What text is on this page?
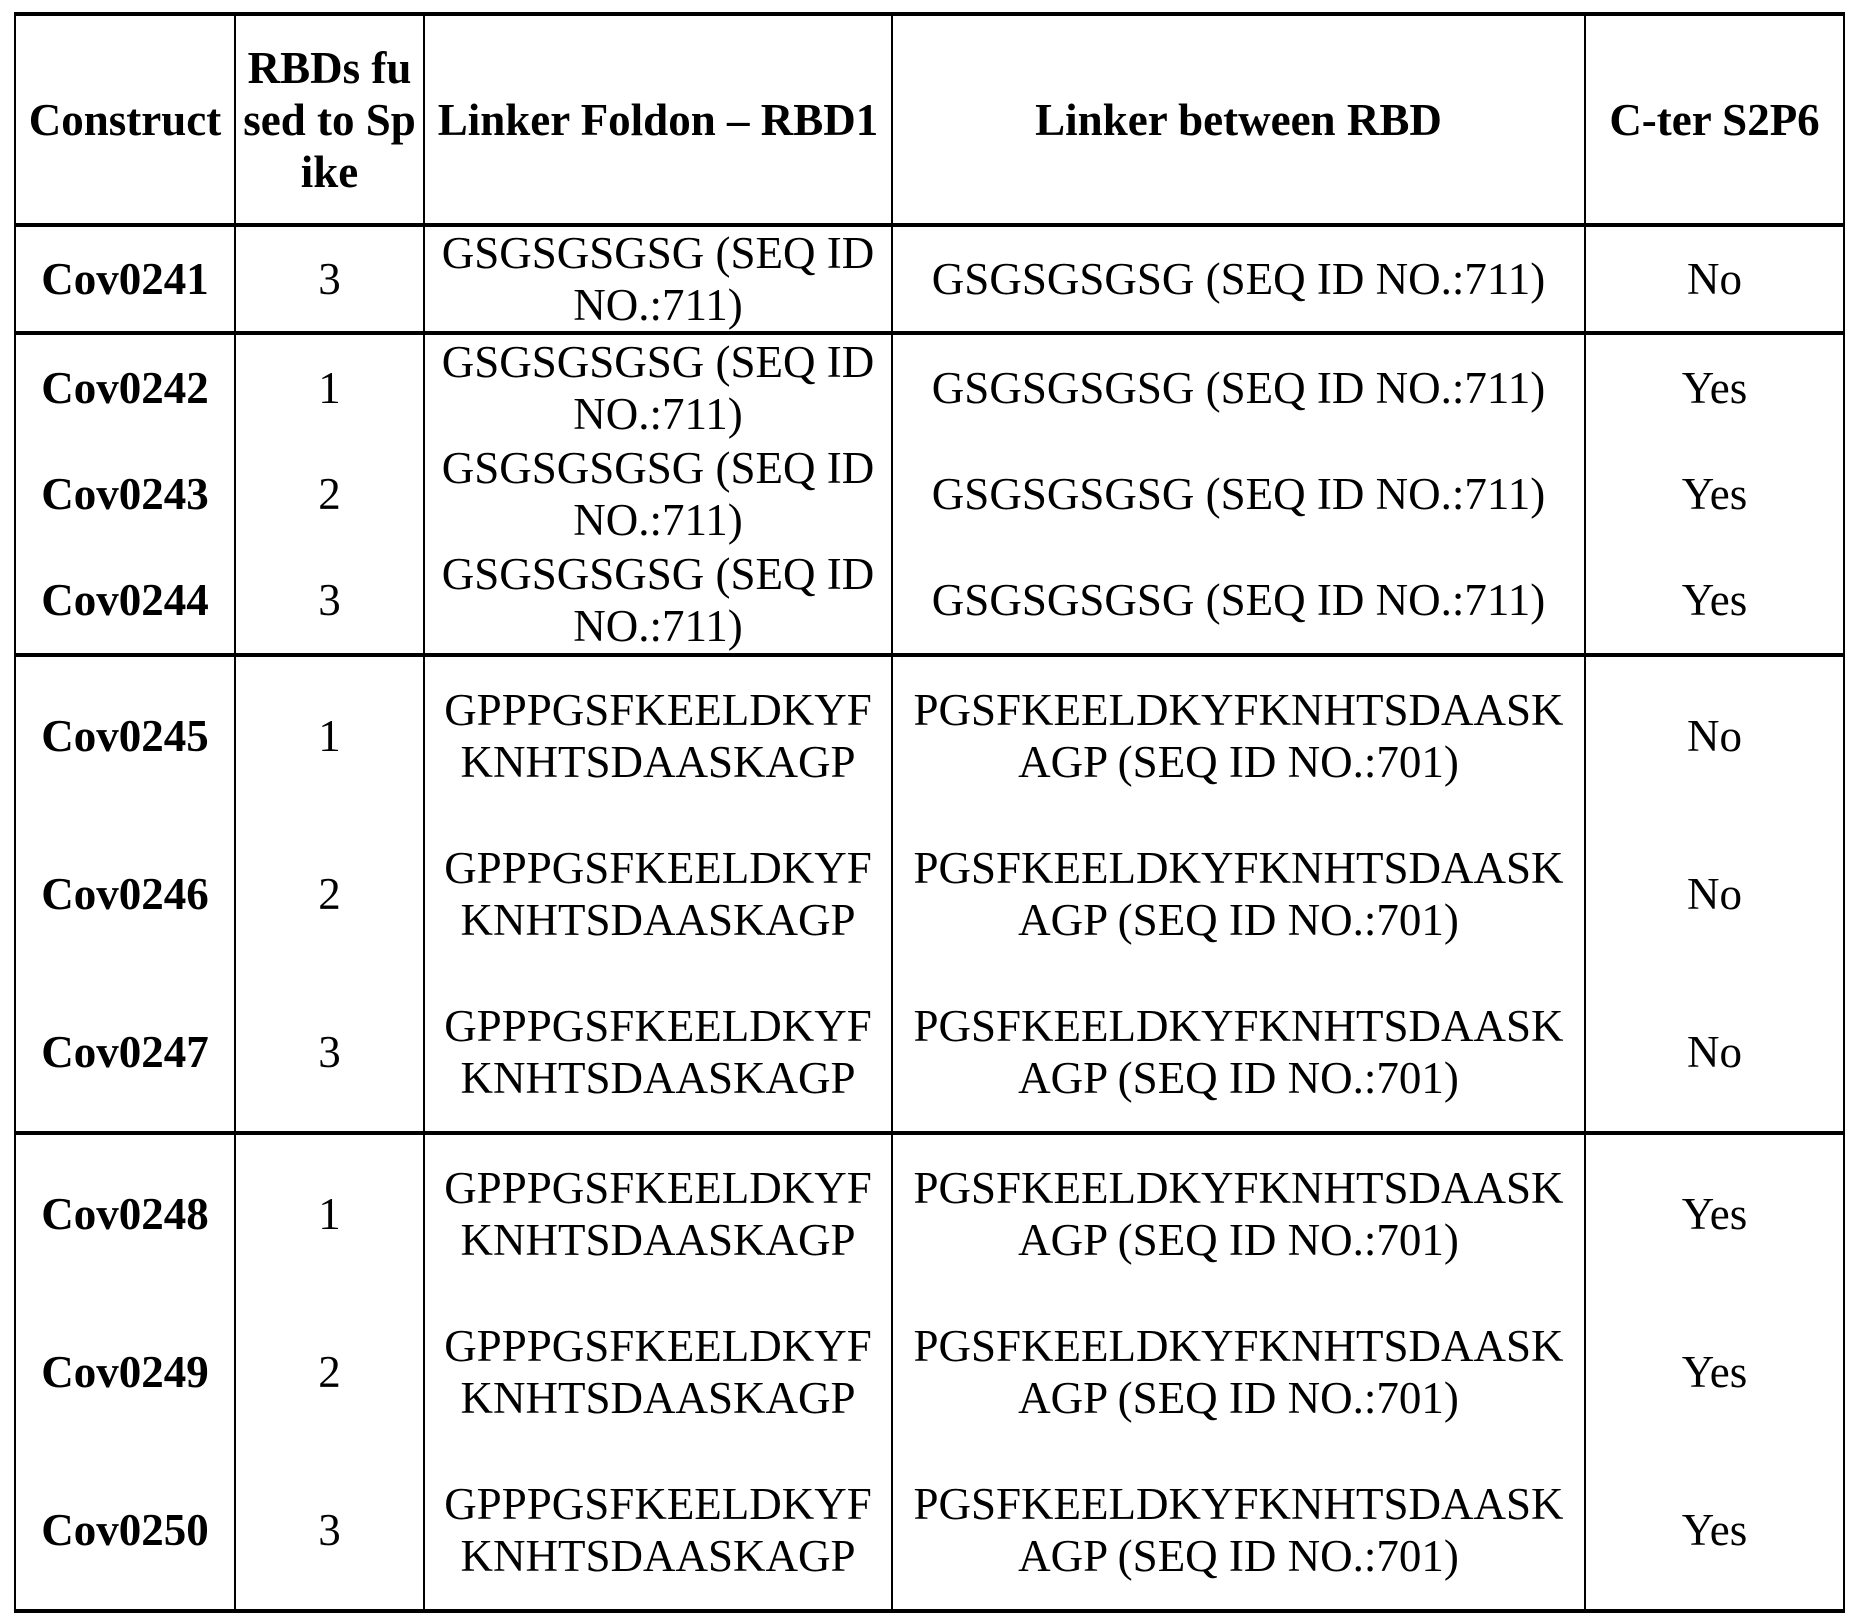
Construct	RBDs fused to Spike	Linker Foldon – RBD1	Linker between RBD	C-ter S2P6
Cov0241	3	GSGSGSGSG (SEQ ID NO.:711)	GSGSGSGSG (SEQ ID NO.:711)	No
Cov0242	1	GSGSGSGSG (SEQ ID NO.:711)	GSGSGSGSG (SEQ ID NO.:711)	Yes
Cov0243	2	GSGSGSGSG (SEQ ID NO.:711)	GSGSGSGSG (SEQ ID NO.:711)	Yes
Cov0244	3	GSGSGSGSG (SEQ ID NO.:711)	GSGSGSGSG (SEQ ID NO.:711)	Yes
Cov0245	1	GPPPGSFKEELDKYFKNHTSDAASKAGP	PGSFKEELDKYFKNHTSDAASKAGP (SEQ ID NO.:701)	No
Cov0246	2	GPPPGSFKEELDKYFKNHTSDAASKAGP	PGSFKEELDKYFKNHTSDAASKAGP (SEQ ID NO.:701)	No
Cov0247	3	GPPPGSFKEELDKYFKNHTSDAASKAGP	PGSFKEELDKYFKNHTSDAASKAGP (SEQ ID NO.:701)	No
Cov0248	1	GPPPGSFKEELDKYFKNHTSDAASKAGP	PGSFKEELDKYFKNHTSDAASKAGP (SEQ ID NO.:701)	Yes
Cov0249	2	GPPPGSFKEELDKYFKNHTSDAASKAGP	PGSFKEELDKYFKNHTSDAASKAGP (SEQ ID NO.:701)	Yes
Cov0250	3	GPPPGSFKEELDKYFKNHTSDAASKAGP	PGSFKEELDKYFKNHTSDAASKAGP (SEQ ID NO.:701)	Yes
